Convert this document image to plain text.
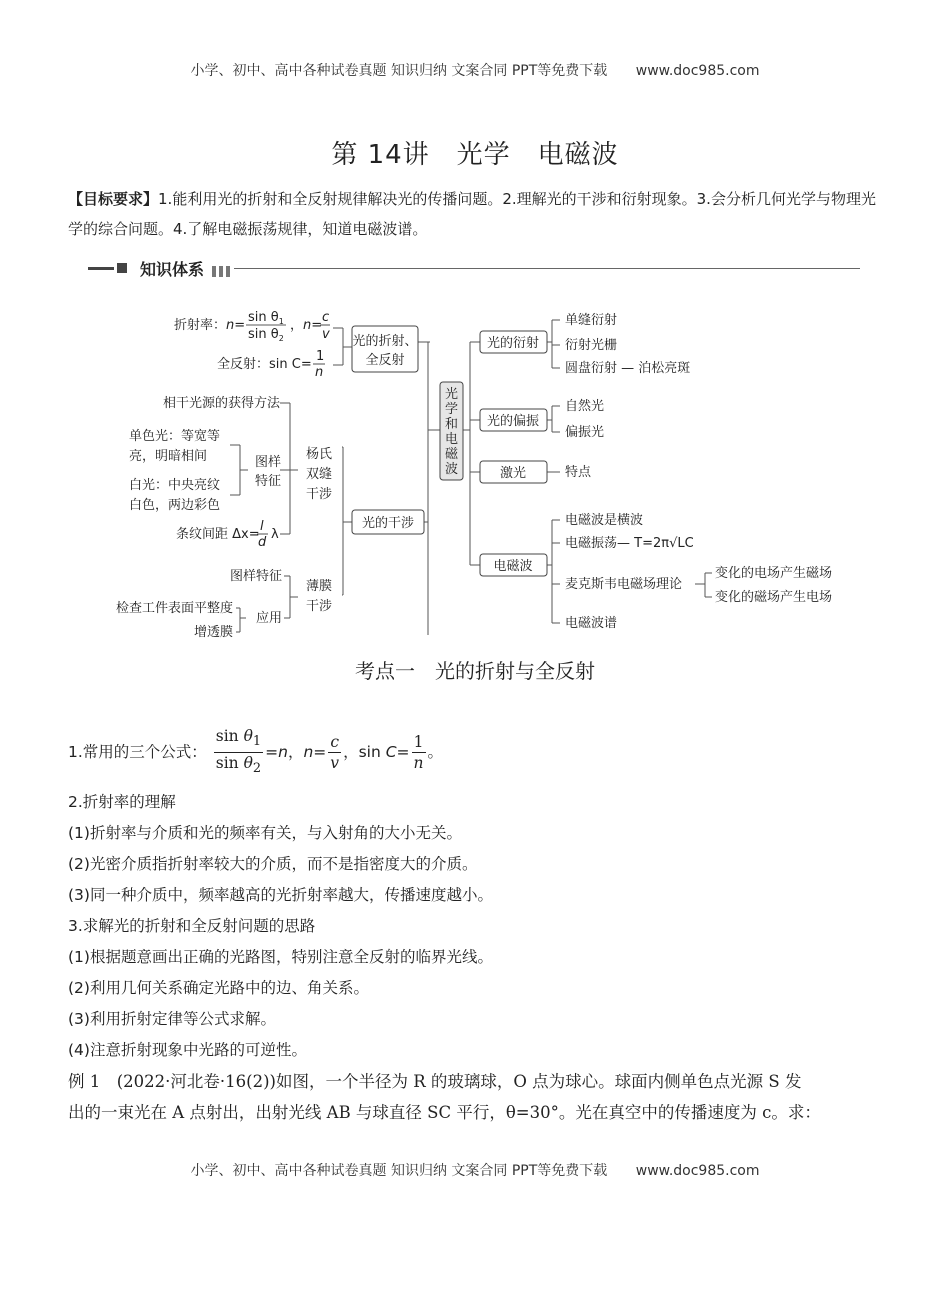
小学、初中、高中各种试卷真题 知识归纳 文案合同 PPT等免费下载 www.doc985.com
第 14讲　光学　电磁波
【目标要求】1.能利用光的折射和全反射规律解决光的传播问题。2.理解光的干涉和衍射现象。3.会分析几何光学与物理光学的综合问题。4.了解电磁振荡规律，知道电磁波谱。
知识体系
光的折射、
全反射
光
学
和
电
磁
波
折射率： n=
$\sin \theta_1$
$\sin \theta_2$
， n=
c
v
全反射：sin C=
1
n
相干光源的获得方法
单色光：等宽等
亮，明暗相间
白光：中央亮纹
白色，两边彩色
图样
特征
条纹间距 Δx=
l
d
λ
杨氏
双缝
干涉
光的干涉
图样特征
薄膜
干涉
应用
检查工件表面平整度
增透膜
光的衍射
单缝衍射
衍射光栅
圆盘衍射 — 泊松亮斑
光的偏振
自然光
偏振光
激光	特点
电磁波
电磁波是横波
电磁振荡— T=2π√LC
麦克斯韦电磁场理论
电磁波谱
变化的电场产生磁场
变化的磁场产生电场
考点一　光的折射与全反射
1.常用的三个公式： $\frac{\sin \theta_1}{\sin \theta_2} =n$，$n= \frac{c}{v}$ ，$\sin C= \frac{1}{n}$ 。
2.折射率的理解
(1)折射率与介质和光的频率有关，与入射角的大小无关。
(2)光密介质指折射率较大的介质，而不是指密度大的介质。
(3)同一种介质中，频率越高的光折射率越大，传播速度越小。
3.求解光的折射和全反射问题的思路
(1)根据题意画出正确的光路图，特别注意全反射的临界光线。
(2)利用几何关系确定光路中的边、角关系。
(3)利用折射定律等公式求解。
(4)注意折射现象中光路的可逆性。
例 1　(2022·河北卷·16(2))如图，一个半径为 R 的玻璃球，O 点为球心。球面内侧单色点光源 S 发
出的一束光在 A 点射出，出射光线 AB 与球直径 SC 平行，θ=30°。光在真空中的传播速度为 c。求：
小学、初中、高中各种试卷真题 知识归纳 文案合同 PPT等免费下载 www.doc985.com
